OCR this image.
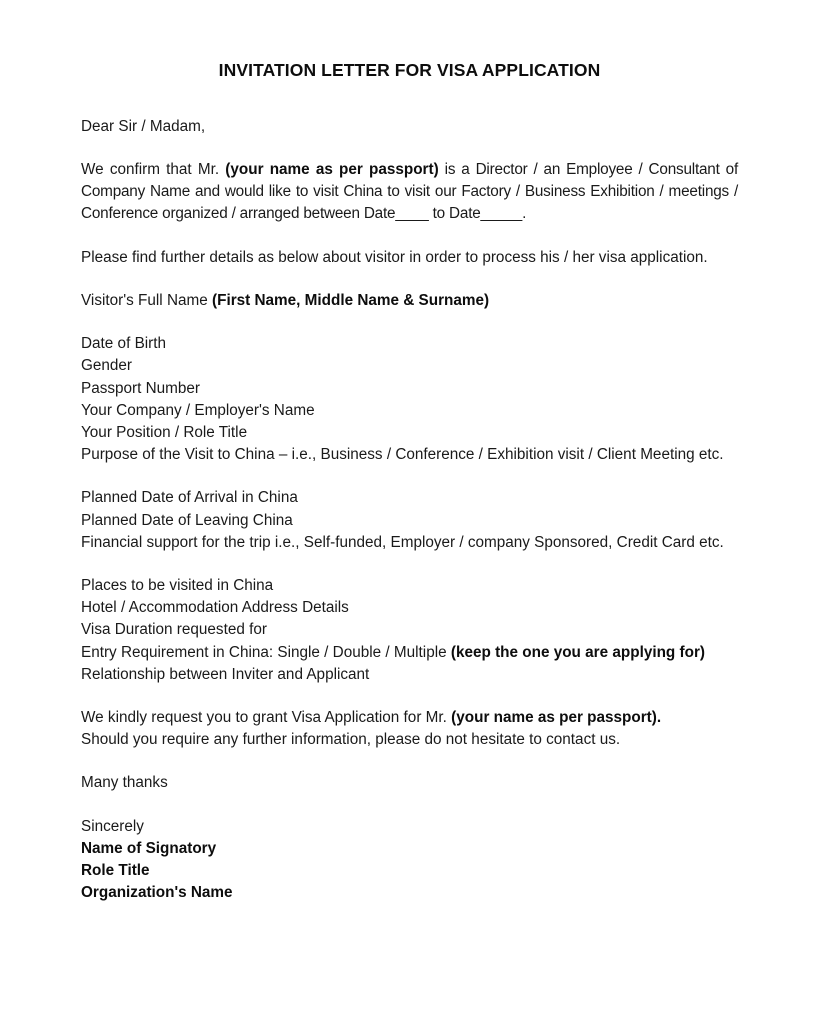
INVITATION LETTER FOR VISA APPLICATION

Dear Sir / Madam,

We confirm that Mr. (your name as per passport) is a Director / an Employee / Consultant of Company Name and would like to visit China to visit our Factory / Business Exhibition / meetings / Conference organized / arranged between Date____ to Date_____.

Please find further details as below about visitor in order to process his / her visa application.

Visitor's Full Name (First Name, Middle Name & Surname)

Date of Birth
Gender
Passport Number
Your Company / Employer's Name
Your Position / Role Title
Purpose of the Visit to China – i.e., Business / Conference / Exhibition visit / Client Meeting etc.
Planned Date of Arrival in China
Planned Date of Leaving China
Financial support for the trip i.e., Self-funded, Employer / company Sponsored, Credit Card etc.
Places to be visited in China
Hotel / Accommodation Address Details
Visa Duration requested for
Entry Requirement in China: Single / Double / Multiple (keep the one you are applying for)
Relationship between Inviter and Applicant
We kindly request you to grant Visa Application for Mr. (your name as per passport).
Should you require any further information, please do not hesitate to contact us.

Many thanks

Sincerely
Name of Signatory
Role Title
Organization's Name
